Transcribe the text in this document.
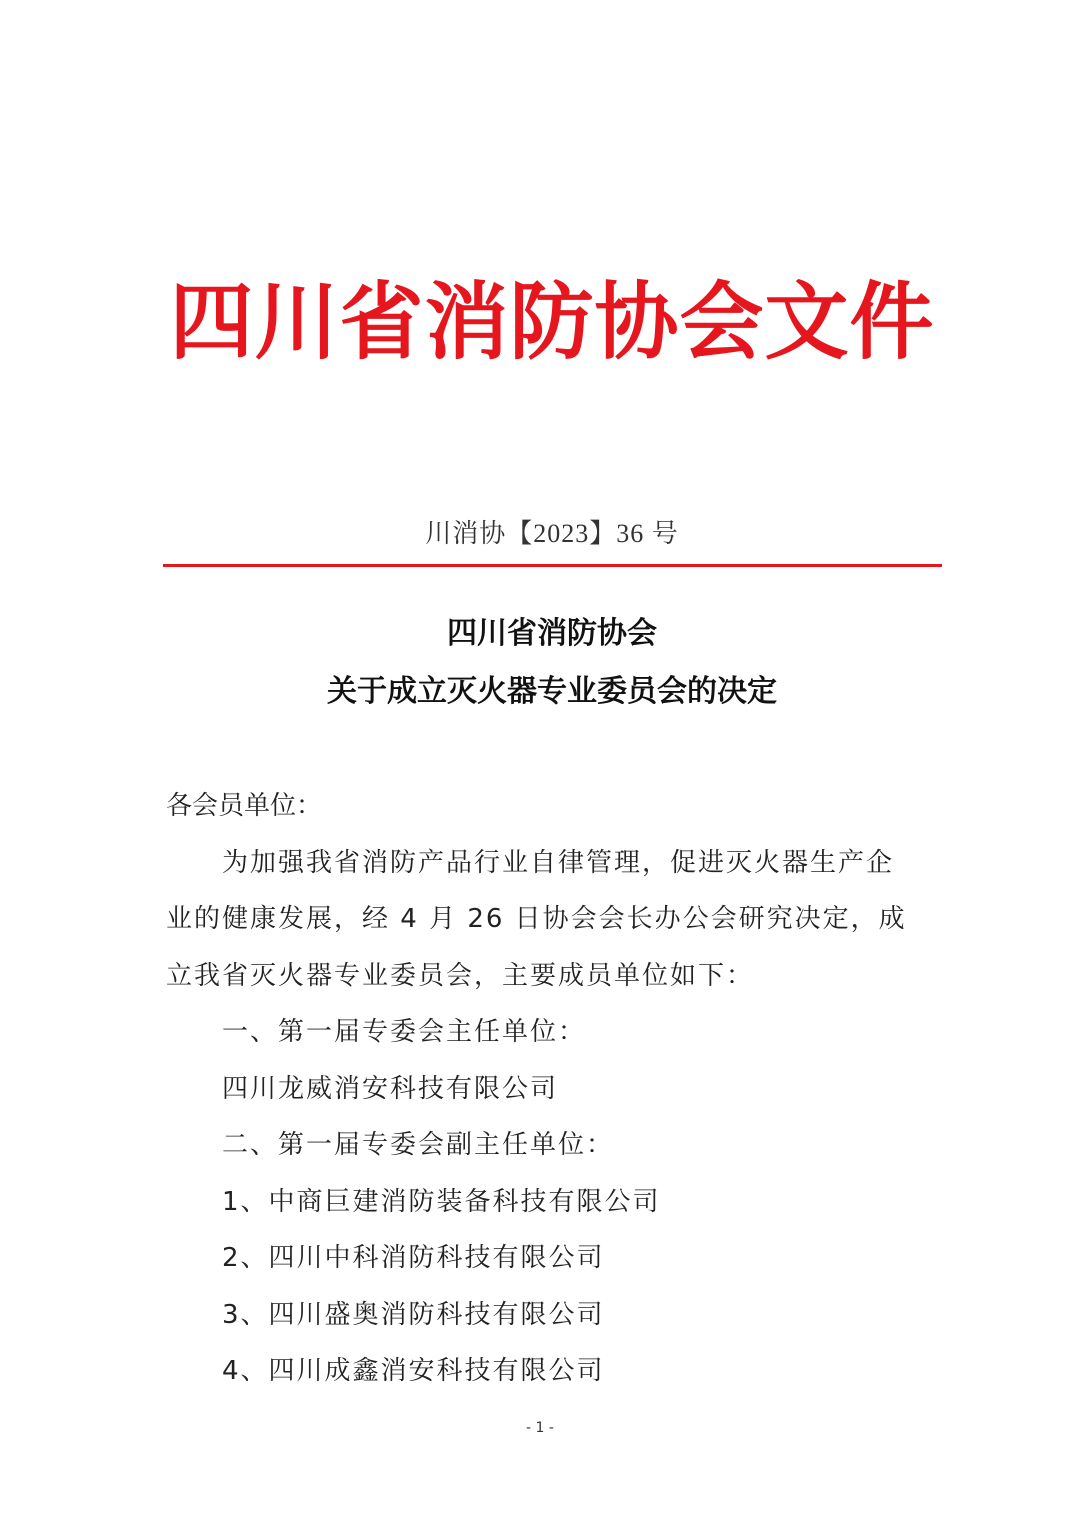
四川省消防协会文件
川消协【2023】36 号
四川省消防协会
关于成立灭火器专业委员会的决定
各会员单位：
为加强我省消防产品行业自律管理，促进灭火器生产企
业的健康发展，经 4 月 26 日协会会长办公会研究决定，成
立我省灭火器专业委员会，主要成员单位如下：
一、第一届专委会主任单位：
四川龙威消安科技有限公司
二、第一届专委会副主任单位：
1、中商巨建消防装备科技有限公司
2、四川中科消防科技有限公司
3、四川盛奥消防科技有限公司
4、四川成鑫消安科技有限公司
- 1 -
